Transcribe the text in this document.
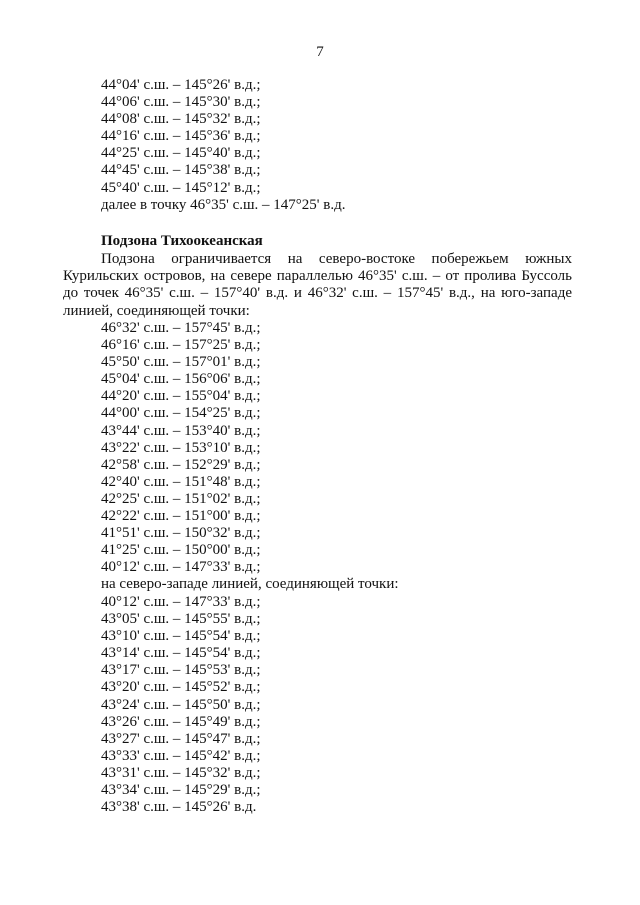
7
44°04' с.ш. – 145°26' в.д.;
44°06' с.ш. – 145°30' в.д.;
44°08' с.ш. – 145°32' в.д.;
44°16' с.ш. – 145°36' в.д.;
44°25' с.ш. – 145°40' в.д.;
44°45' с.ш. – 145°38' в.д.;
45°40' с.ш. – 145°12' в.д.;
далее в точку 46°35' с.ш. – 147°25' в.д.
Подзона Тихоокеанская
Подзона ограничивается на северо-востоке побережьем южных
Курильских островов, на севере параллелью 46°35' с.ш. – от пролива Буссоль
до точек 46°35' с.ш. – 157°40' в.д. и 46°32' с.ш. – 157°45' в.д., на юго-западе
линией, соединяющей точки:
46°32' с.ш. – 157°45' в.д.;
46°16' с.ш. – 157°25' в.д.;
45°50' с.ш. – 157°01' в.д.;
45°04' с.ш. – 156°06' в.д.;
44°20' с.ш. – 155°04' в.д.;
44°00' с.ш. – 154°25' в.д.;
43°44' с.ш. – 153°40' в.д.;
43°22' с.ш. – 153°10' в.д.;
42°58' с.ш. – 152°29' в.д.;
42°40' с.ш. – 151°48' в.д.;
42°25' с.ш. – 151°02' в.д.;
42°22' с.ш. – 151°00' в.д.;
41°51' с.ш. – 150°32' в.д.;
41°25' с.ш. – 150°00' в.д.;
40°12' с.ш. – 147°33' в.д.;
на северо-западе линией, соединяющей точки:
40°12' с.ш. – 147°33' в.д.;
43°05' с.ш. – 145°55' в.д.;
43°10' с.ш. – 145°54' в.д.;
43°14' с.ш. – 145°54' в.д.;
43°17' с.ш. – 145°53' в.д.;
43°20' с.ш. – 145°52' в.д.;
43°24' с.ш. – 145°50' в.д.;
43°26' с.ш. – 145°49' в.д.;
43°27' с.ш. – 145°47' в.д.;
43°33' с.ш. – 145°42' в.д.;
43°31' с.ш. – 145°32' в.д.;
43°34' с.ш. – 145°29' в.д.;
43°38' с.ш. – 145°26' в.д.
